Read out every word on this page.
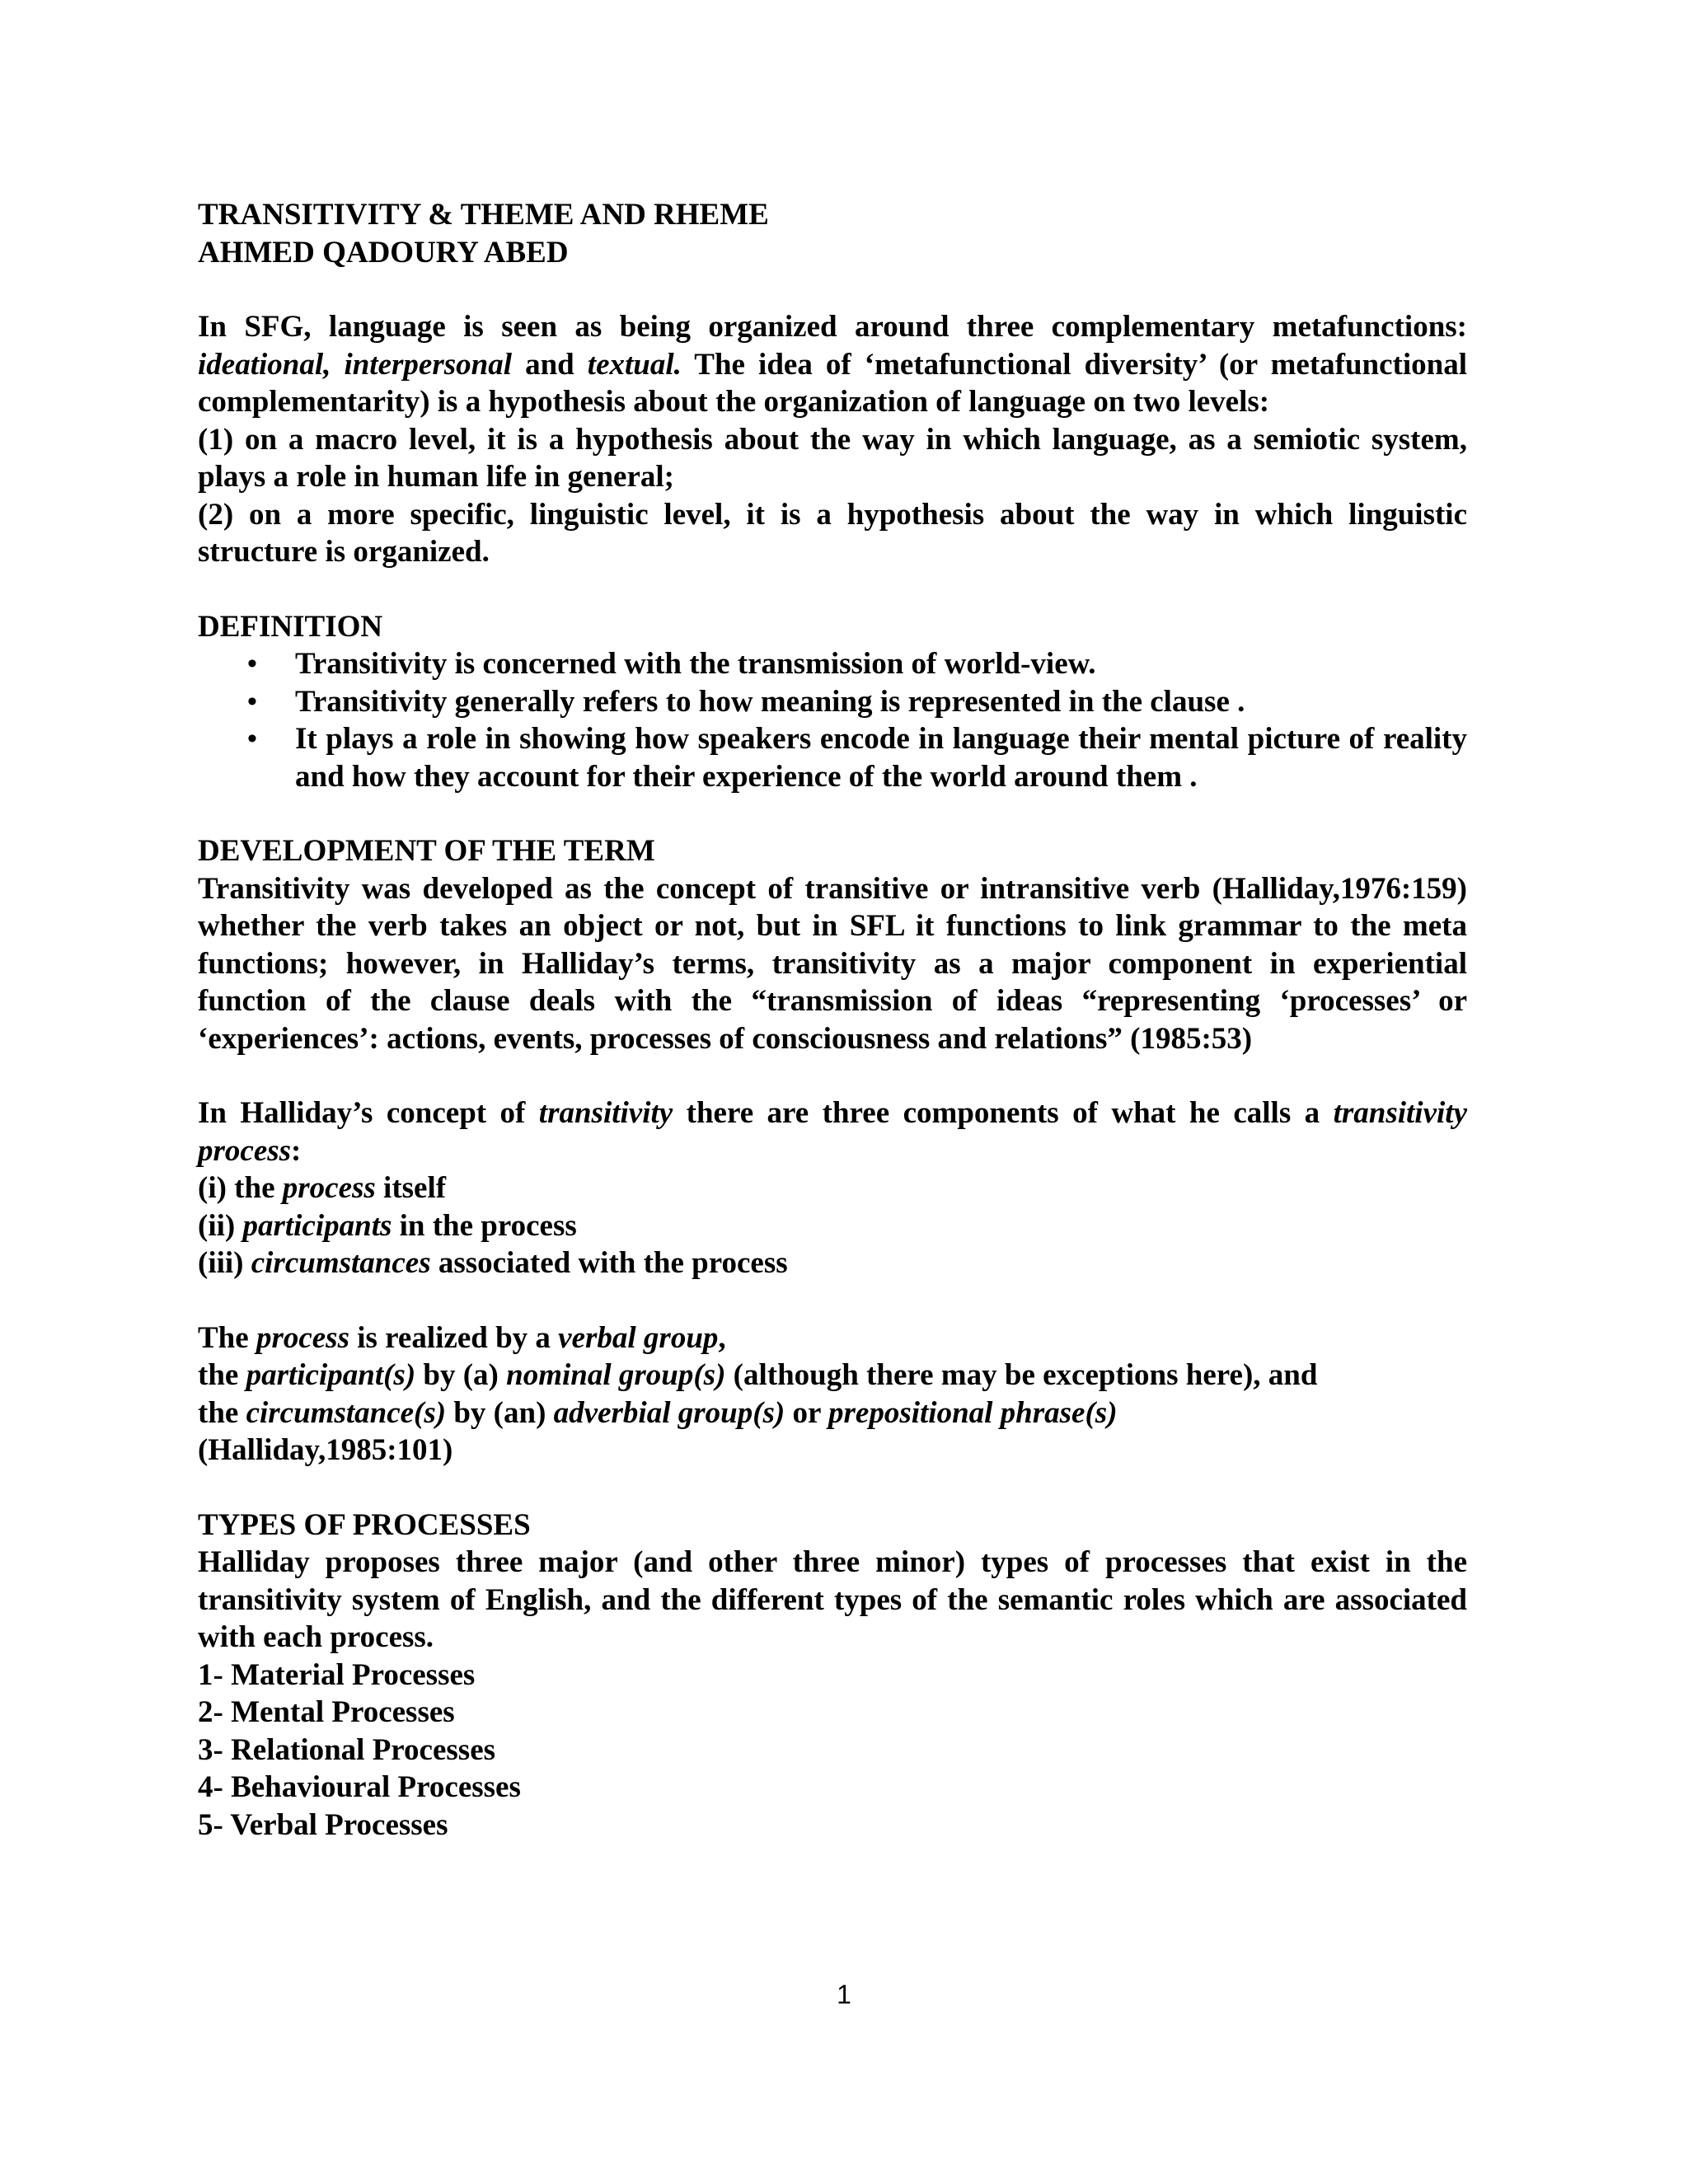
TRANSITIVITY & THEME AND RHEME

AHMED QADOURY ABED

In SFG, language is seen as being organized around three complementary metafunctions: ideational, interpersonal and textual. The idea of ‘metafunctional diversity’ (or metafunctional complementarity) is a hypothesis about the organization of language on two levels:

(1) on a macro level, it is a hypothesis about the way in which language, as a semiotic system, plays a role in human life in general;

(2) on a more specific, linguistic level, it is a hypothesis about the way in which linguistic structure is organized.

DEFINITION

• Transitivity is concerned with the transmission of world-view.
• Transitivity generally refers to how meaning is represented in the clause .
• It plays a role in showing how speakers encode in language their mental picture of reality and how they account for their experience of the world around them .

DEVELOPMENT OF THE TERM

Transitivity was developed as the concept of transitive or intransitive verb (Halliday,1976:159) whether the verb takes an object or not, but in SFL it functions to link grammar to the meta functions; however, in Halliday’s terms, transitivity as a major component in experiential function of the clause deals with the “transmission of ideas “representing ‘processes’ or ‘experiences’: actions, events, processes of consciousness and relations” (1985:53)

In Halliday’s concept of transitivity there are three components of what he calls a transitivity process:

(i) the process itself

(ii) participants in the process

(iii) circumstances associated with the process

The process is realized by a verbal group,

the participant(s) by (a) nominal group(s) (although there may be exceptions here), and

the circumstance(s) by (an) adverbial group(s) or prepositional phrase(s)

(Halliday,1985:101)

TYPES OF PROCESSES

Halliday proposes three major (and other three minor) types of processes that exist in the transitivity system of English, and the different types of the semantic roles which are associated with each process.

1- Material Processes

2- Mental Processes

3- Relational Processes

4- Behavioural Processes

5- Verbal Processes

1
